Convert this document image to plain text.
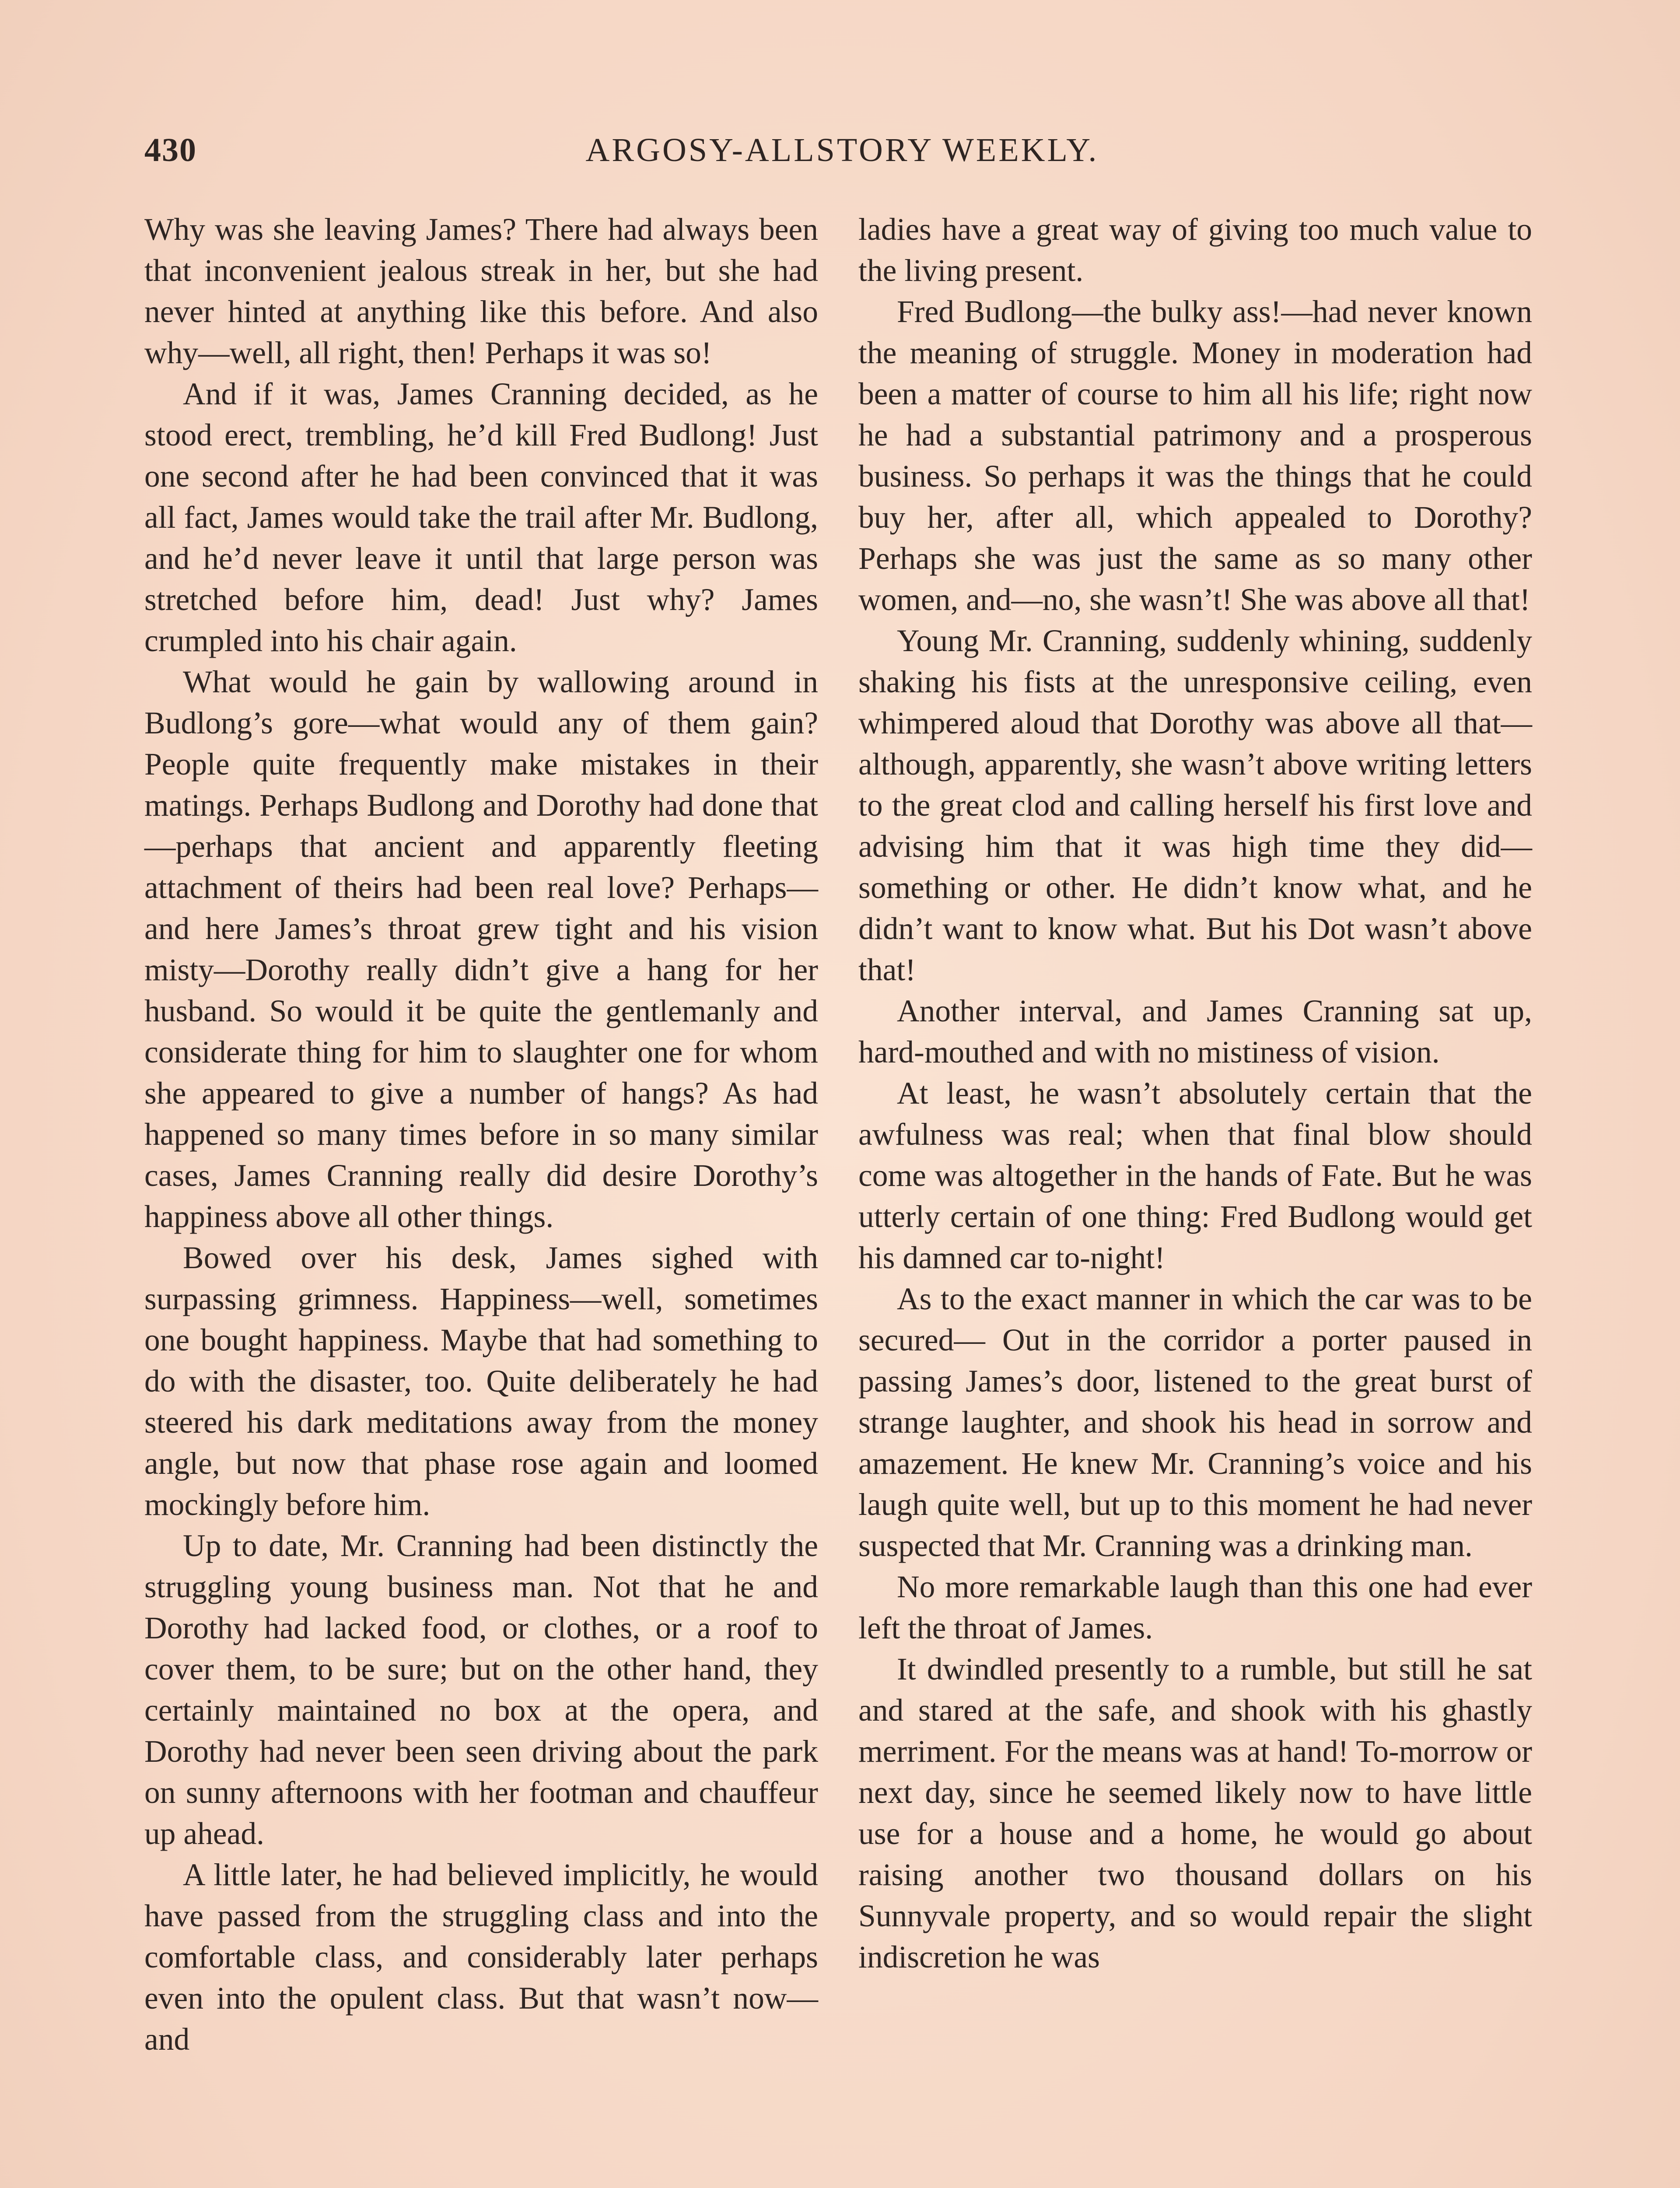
430	ARGOSY-ALLSTORY WEEKLY.

Why was she leaving James? There had always been that inconvenient jealous streak in her, but she had never hinted at anything like this before. And also why—well, all right, then! Perhaps it was so!

And if it was, James Cranning decided, as he stood erect, trembling, he’d kill Fred Budlong! Just one second after he had been convinced that it was all fact, James would take the trail after Mr. Budlong, and he’d never leave it until that large person was stretched before him, dead! Just why? James crumpled into his chair again.

What would he gain by wallowing around in Budlong’s gore—what would any of them gain? People quite frequently make mistakes in their matings. Perhaps Budlong and Dorothy had done that—perhaps that ancient and apparently fleeting attachment of theirs had been real love? Perhaps—and here James’s throat grew tight and his vision misty—Dorothy really didn’t give a hang for her husband. So would it be quite the gentlemanly and considerate thing for him to slaughter one for whom she appeared to give a number of hangs? As had happened so many times before in so many similar cases, James Cranning really did desire Dorothy’s happiness above all other things.

Bowed over his desk, James sighed with surpassing grimness. Happiness—well, sometimes one bought happiness. Maybe that had something to do with the disaster, too. Quite deliberately he had steered his dark meditations away from the money angle, but now that phase rose again and loomed mockingly before him.

Up to date, Mr. Cranning had been distinctly the struggling young business man. Not that he and Dorothy had lacked food, or clothes, or a roof to cover them, to be sure; but on the other hand, they certainly maintained no box at the opera, and Dorothy had never been seen driving about the park on sunny afternoons with her footman and chauffeur up ahead.

A little later, he had believed implicitly, he would have passed from the struggling class and into the comfortable class, and considerably later perhaps even into the opulent class. But that wasn’t now—and

ladies have a great way of giving too much value to the living present.

Fred Budlong—the bulky ass!—had never known the meaning of struggle. Money in moderation had been a matter of course to him all his life; right now he had a substantial patrimony and a prosperous business. So perhaps it was the things that he could buy her, after all, which appealed to Dorothy? Perhaps she was just the same as so many other women, and—no, she wasn’t! She was above all that!

Young Mr. Cranning, suddenly whining, suddenly shaking his fists at the unresponsive ceiling, even whimpered aloud that Dorothy was above all that—although, apparently, she wasn’t above writing letters to the great clod and calling herself his first love and advising him that it was high time they did—something or other. He didn’t know what, and he didn’t want to know what. But his Dot wasn’t above that!

Another interval, and James Cranning sat up, hard-mouthed and with no mistiness of vision.

At least, he wasn’t absolutely certain that the awfulness was real; when that final blow should come was altogether in the hands of Fate. But he was utterly certain of one thing: Fred Budlong would get his damned car to-night!

As to the exact manner in which the car was to be secured— Out in the corridor a porter paused in passing James’s door, listened to the great burst of strange laughter, and shook his head in sorrow and amazement. He knew Mr. Cranning’s voice and his laugh quite well, but up to this moment he had never suspected that Mr. Cranning was a drinking man.

No more remarkable laugh than this one had ever left the throat of James.

It dwindled presently to a rumble, but still he sat and stared at the safe, and shook with his ghastly merriment. For the means was at hand! To-morrow or next day, since he seemed likely now to have little use for a house and a home, he would go about raising another two thousand dollars on his Sunnyvale property, and so would repair the slight indiscretion he was
